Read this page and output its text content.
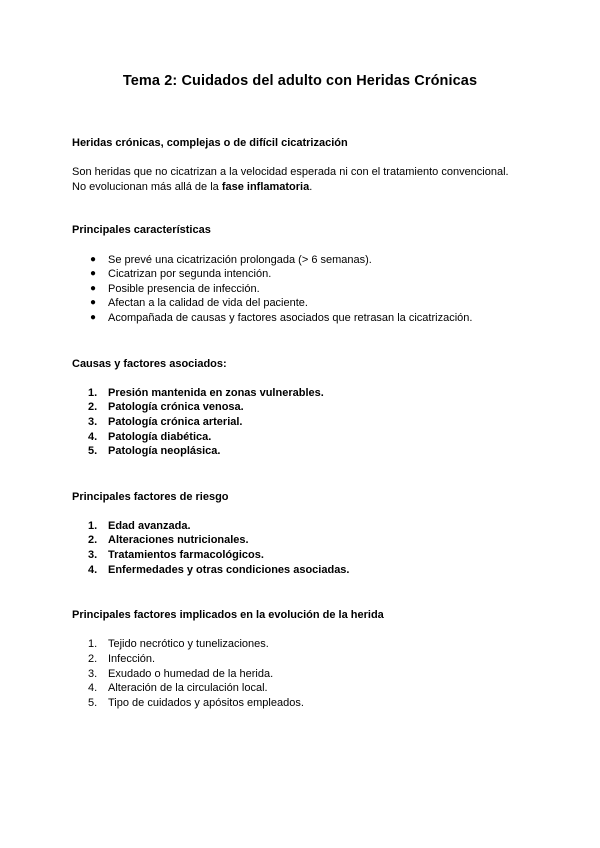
Tema 2: Cuidados del adulto con Heridas Crónicas

Heridas crónicas, complejas o de difícil cicatrización

Son heridas que no cicatrizan a la velocidad esperada ni con el tratamiento convencional.

No evolucionan más allá de la fase inflamatoria.

Principales características

● Se prevé una cicatrización prolongada (> 6 semanas).
● Cicatrizan por segunda intención.
● Posible presencia de infección.
● Afectan a la calidad de vida del paciente.
● Acompañada de causas y factores asociados que retrasan la cicatrización.

Causas y factores asociados:

1. Presión mantenida en zonas vulnerables.
2. Patología crónica venosa.
3. Patología crónica arterial.
4. Patología diabética.
5. Patología neoplásica.

Principales factores de riesgo

1. Edad avanzada.
2. Alteraciones nutricionales.
3. Tratamientos farmacológicos.
4. Enfermedades y otras condiciones asociadas.

Principales factores implicados en la evolución de la herida

1. Tejido necrótico y tunelizaciones.
2. Infección.
3. Exudado o humedad de la herida.
4. Alteración de la circulación local.
5. Tipo de cuidados y apósitos empleados.
